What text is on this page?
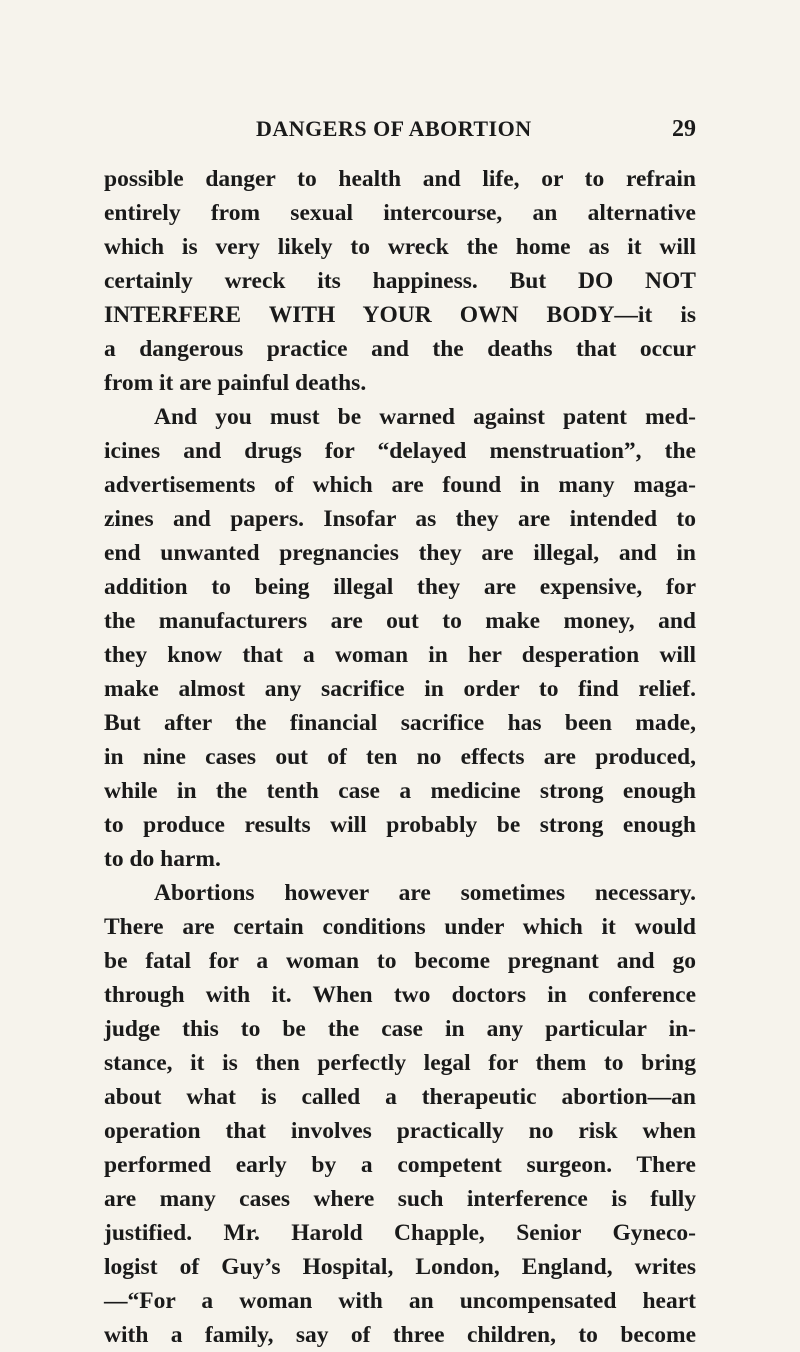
DANGERS OF ABORTION	29
possible danger to health and life, or to refrain
entirely from sexual intercourse, an alternative
which is very likely to wreck the home as it will
certainly wreck its happiness. But DO NOT
INTERFERE WITH YOUR OWN BODY—it is
a dangerous practice and the deaths that occur
from it are painful deaths.
And you must be warned against patent med-
icines and drugs for “delayed menstruation”, the
advertisements of which are found in many maga-
zines and papers. Insofar as they are intended to
end unwanted pregnancies they are illegal, and in
addition to being illegal they are expensive, for
the manufacturers are out to make money, and
they know that a woman in her desperation will
make almost any sacrifice in order to find relief.
But after the financial sacrifice has been made,
in nine cases out of ten no effects are produced,
while in the tenth case a medicine strong enough
to produce results will probably be strong enough
to do harm.
Abortions however are sometimes necessary.
There are certain conditions under which it would
be fatal for a woman to become pregnant and go
through with it. When two doctors in conference
judge this to be the case in any particular in-
stance, it is then perfectly legal for them to bring
about what is called a therapeutic abortion—an
operation that involves practically no risk when
performed early by a competent surgeon. There
are many cases where such interference is fully
justified. Mr. Harold Chapple, Senior Gyneco-
logist of Guy’s Hospital, London, England, writes
—“For a woman with an uncompensated heart
with a family, say of three children, to become
